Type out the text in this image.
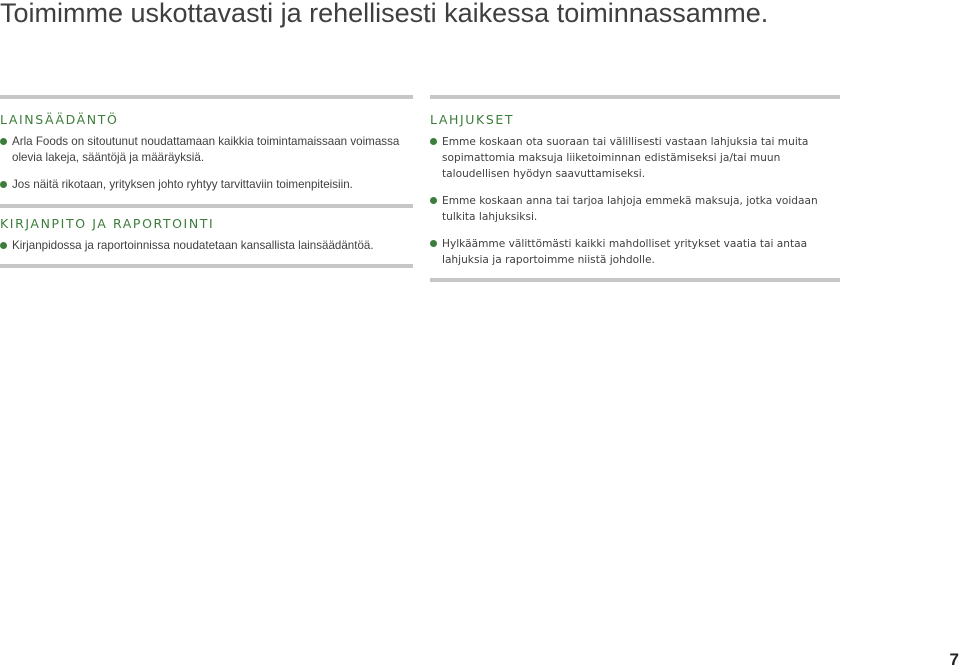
Toimimme uskottavasti ja rehellisesti kaikessa toiminnassamme.
LAINSÄÄDÄNTÖ
Arla Foods on sitoutunut noudattamaan kaikkia toimintamaissaan voimassa olevia lakeja, sääntöjä ja määräyksiä.
Jos näitä rikotaan, yrityksen johto ryhtyy tarvittaviin toimenpiteisiin.
KIRJANPITO JA RAPORTOINTI
Kirjanpidossa ja raportoinnissa noudatetaan kansallista lainsäädäntöä.
LAHJUKSET
Emme koskaan ota suoraan tai välillisesti vastaan lahjuksia tai muita sopimattomia maksuja liiketoiminnan edistämiseksi ja/tai muun taloudellisen hyödyn saavuttamiseksi.
Emme koskaan anna tai tarjoa lahjoja emmekä maksuja, jotka voidaan tulkita lahjuksiksi.
Hylkäämme välittömästi kaikki mahdolliset yritykset vaatia tai antaa lahjuksia ja raportoimme niistä johdolle.
7
